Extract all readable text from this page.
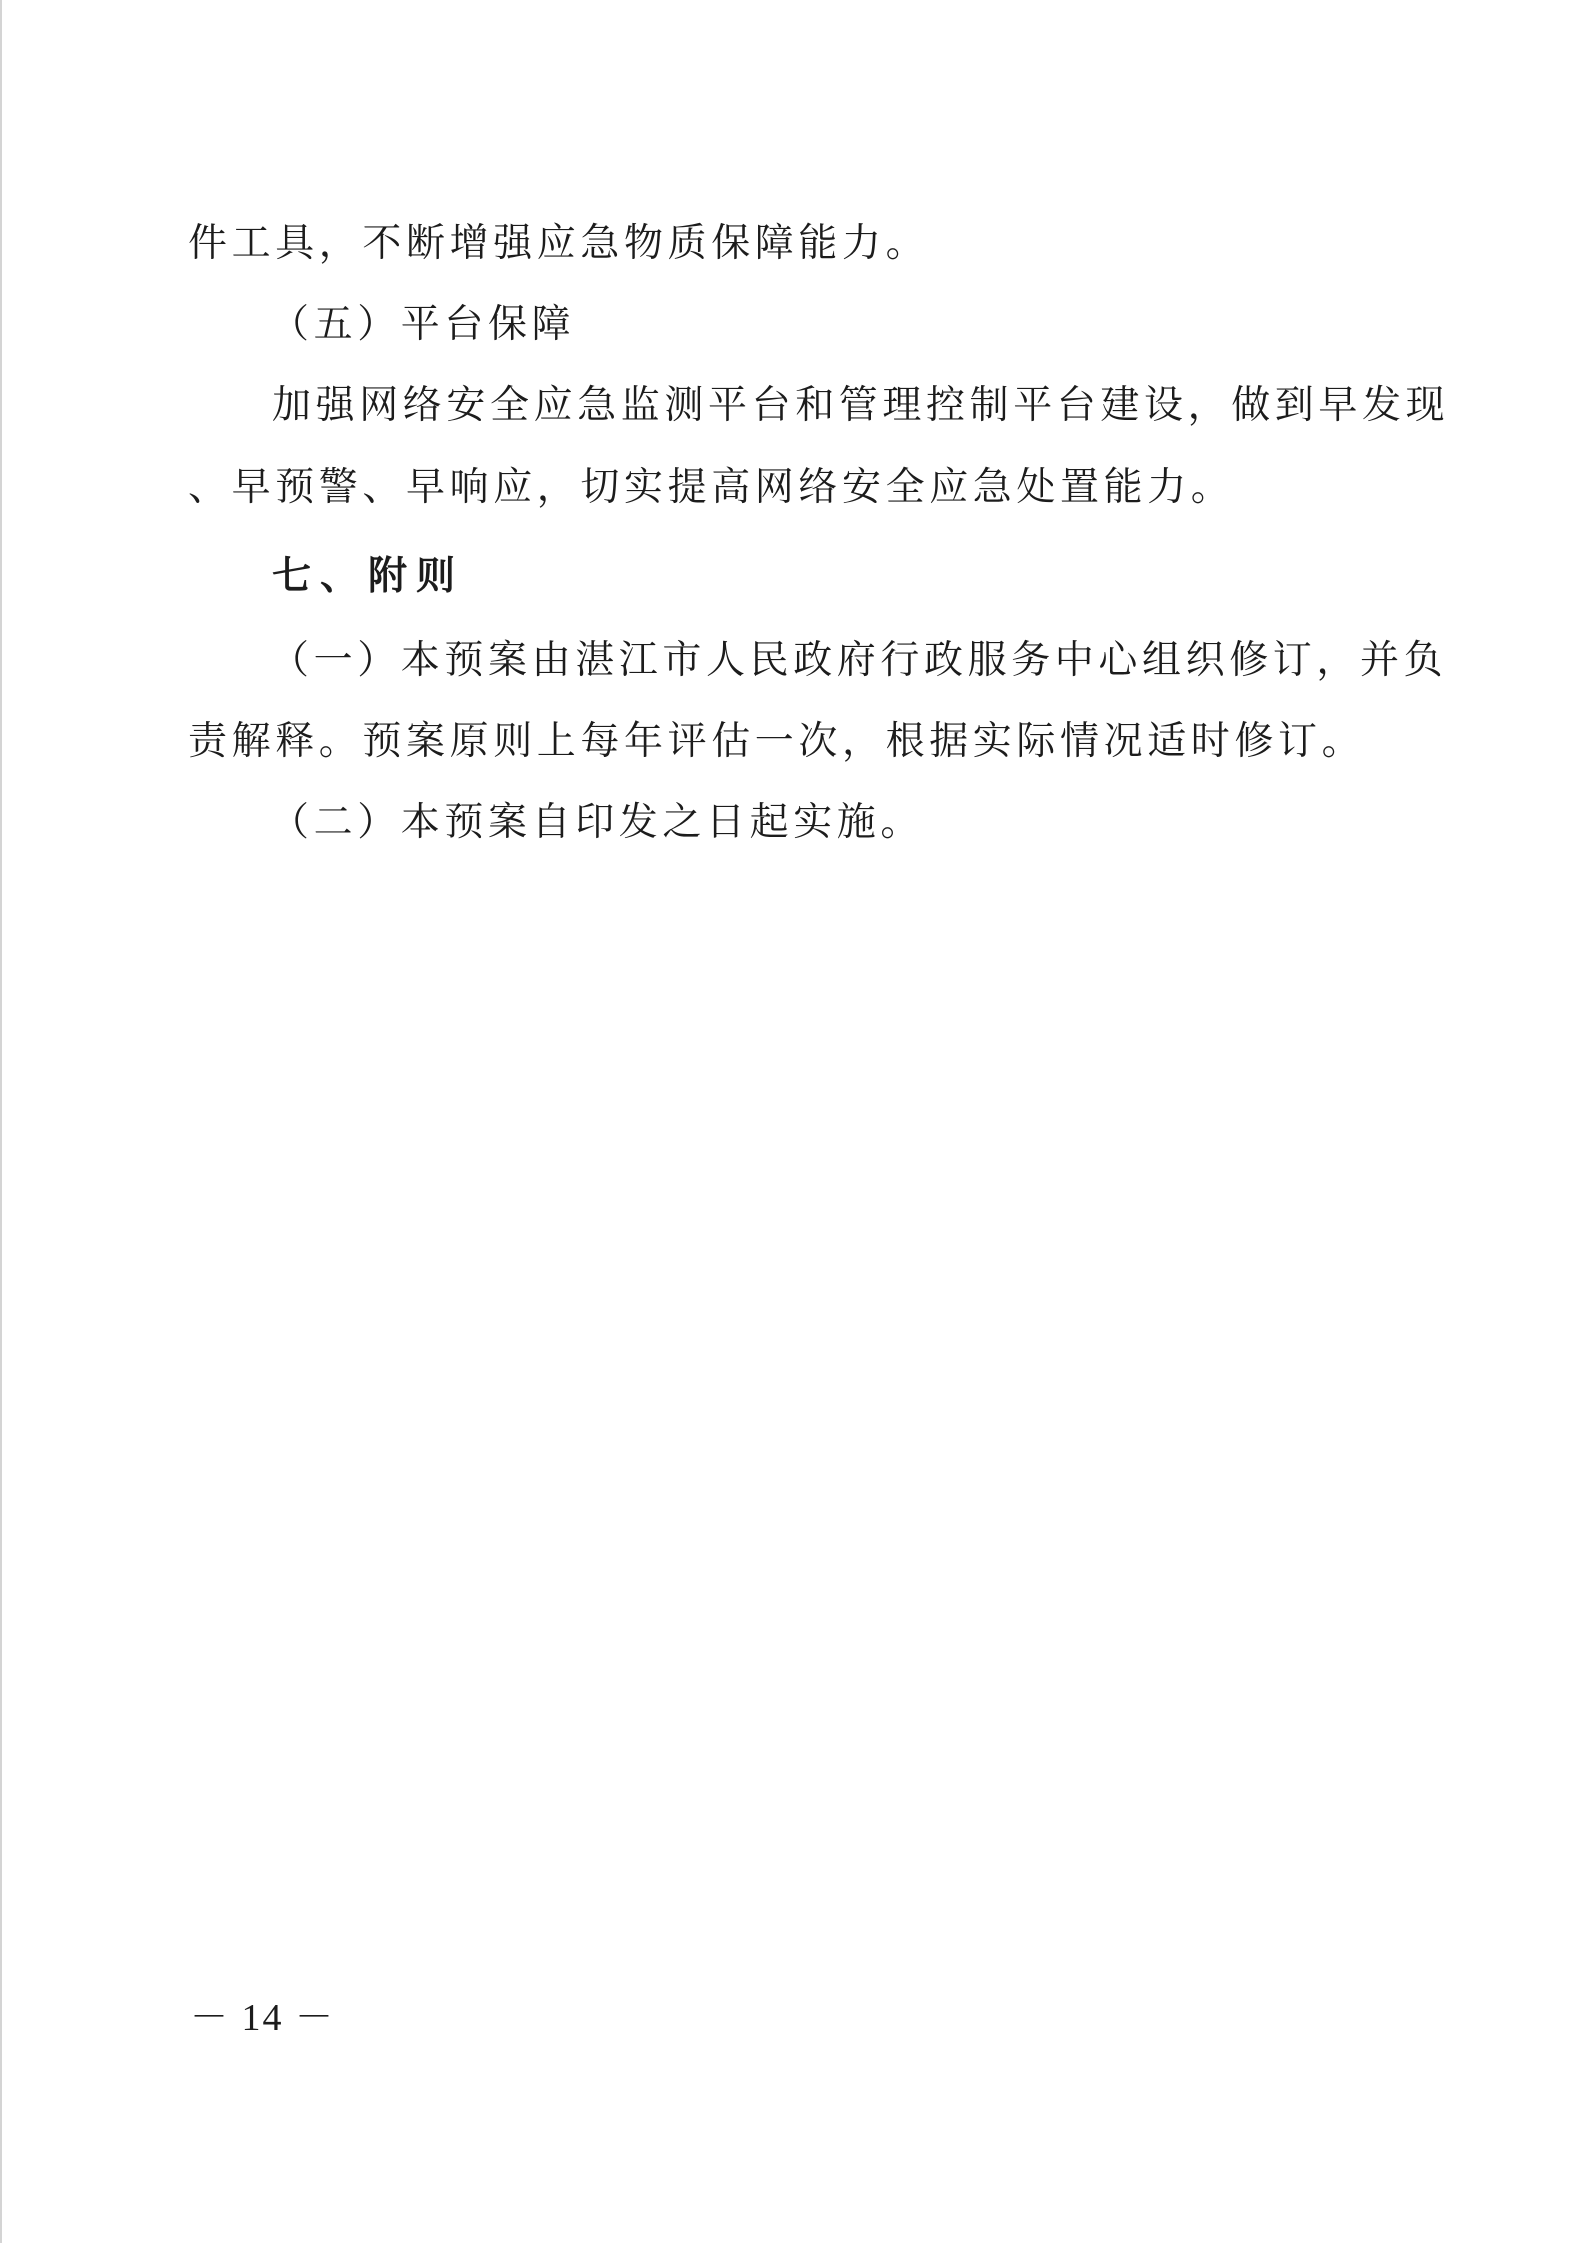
件工具，不断增强应急物质保障能力。
（五）平台保障
加强网络安全应急监测平台和管理控制平台建设，做到早发现
、早预警、早响应，切实提高网络安全应急处置能力。
七、附则
（一）本预案由湛江市人民政府行政服务中心组织修订，并负
责解释。预案原则上每年评估一次，根据实际情况适时修订。
（二）本预案自印发之日起实施。
－ 14 －
